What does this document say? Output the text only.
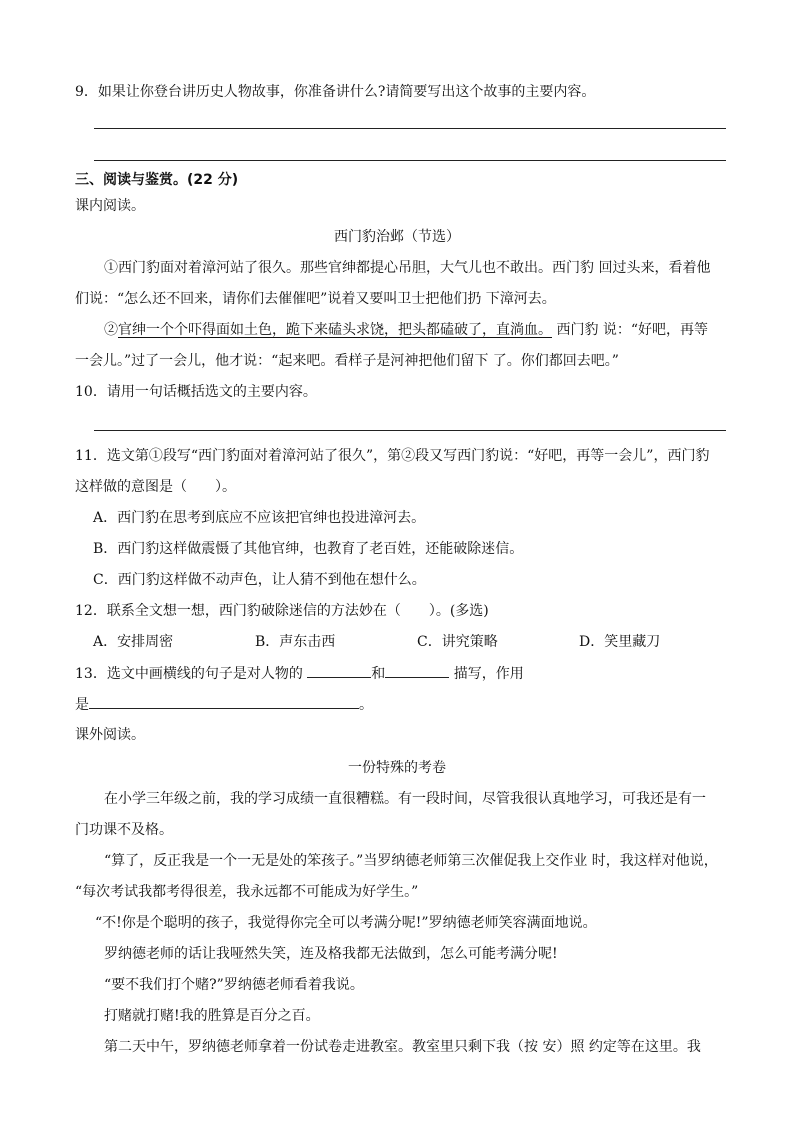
9．如果让你登台讲历史人物故事，你准备讲什么?请简要写出这个故事的主要内容。
三、阅读与鉴赏。(22 分)
课内阅读。
西门豹治邺（节选）
①西门豹面对着漳河站了很久。那些官绅都提心吊胆，大气儿也不敢出。西门豹 回过头来，看着他
们说：“怎么还不回来，请你们去催催吧”说着又要叫卫士把他们扔 下漳河去。
②官绅一个个吓得面如土色，跪下来磕头求饶，把头都磕破了，直淌血。 西门豹 说：“好吧，再等
一会儿。”过了一会儿，他才说：“起来吧。看样子是河神把他们留下 了。你们都回去吧。”
10．请用一句话概括选文的主要内容。
11．选文第①段写“西门豹面对着漳河站了很久”，第②段又写西门豹说：“好吧，再等一会儿”，西门豹
这样做的意图是（　　）。
A．西门豹在思考到底应不应该把官绅也投进漳河去。
B．西门豹这样做震慑了其他官绅，也教育了老百姓，还能破除迷信。
C．西门豹这样做不动声色，让人猜不到他在想什么。
12．联系全文想一想，西门豹破除迷信的方法妙在（　　）。(多选)
A．安排周密	B．声东击西	C．讲究策略	D．笑里藏刀
13．选文中画横线的句子是对人物的	和	描写，作用
是	。
课外阅读。
一份特殊的考卷
在小学三年级之前，我的学习成绩一直很糟糕。有一段时间，尽管我很认真地学习，可我还是有一
门功课不及格。
“算了，反正我是一个一无是处的笨孩子。”当罗纳德老师第三次催促我上交作业 时，我这样对他说，
“每次考试我都考得很差，我永远都不可能成为好学生。”
“不!你是个聪明的孩子，我觉得你完全可以考满分呢!”罗纳德老师笑容满面地说。
罗纳德老师的话让我哑然失笑，连及格我都无法做到，怎么可能考满分呢!
“要不我们打个赌?”罗纳德老师看着我说。
打赌就打赌!我的胜算是百分之百。
第二天中午，罗纳德老师拿着一份试卷走进教室。教室里只剩下我（按 安）照 约定等在这里。我
